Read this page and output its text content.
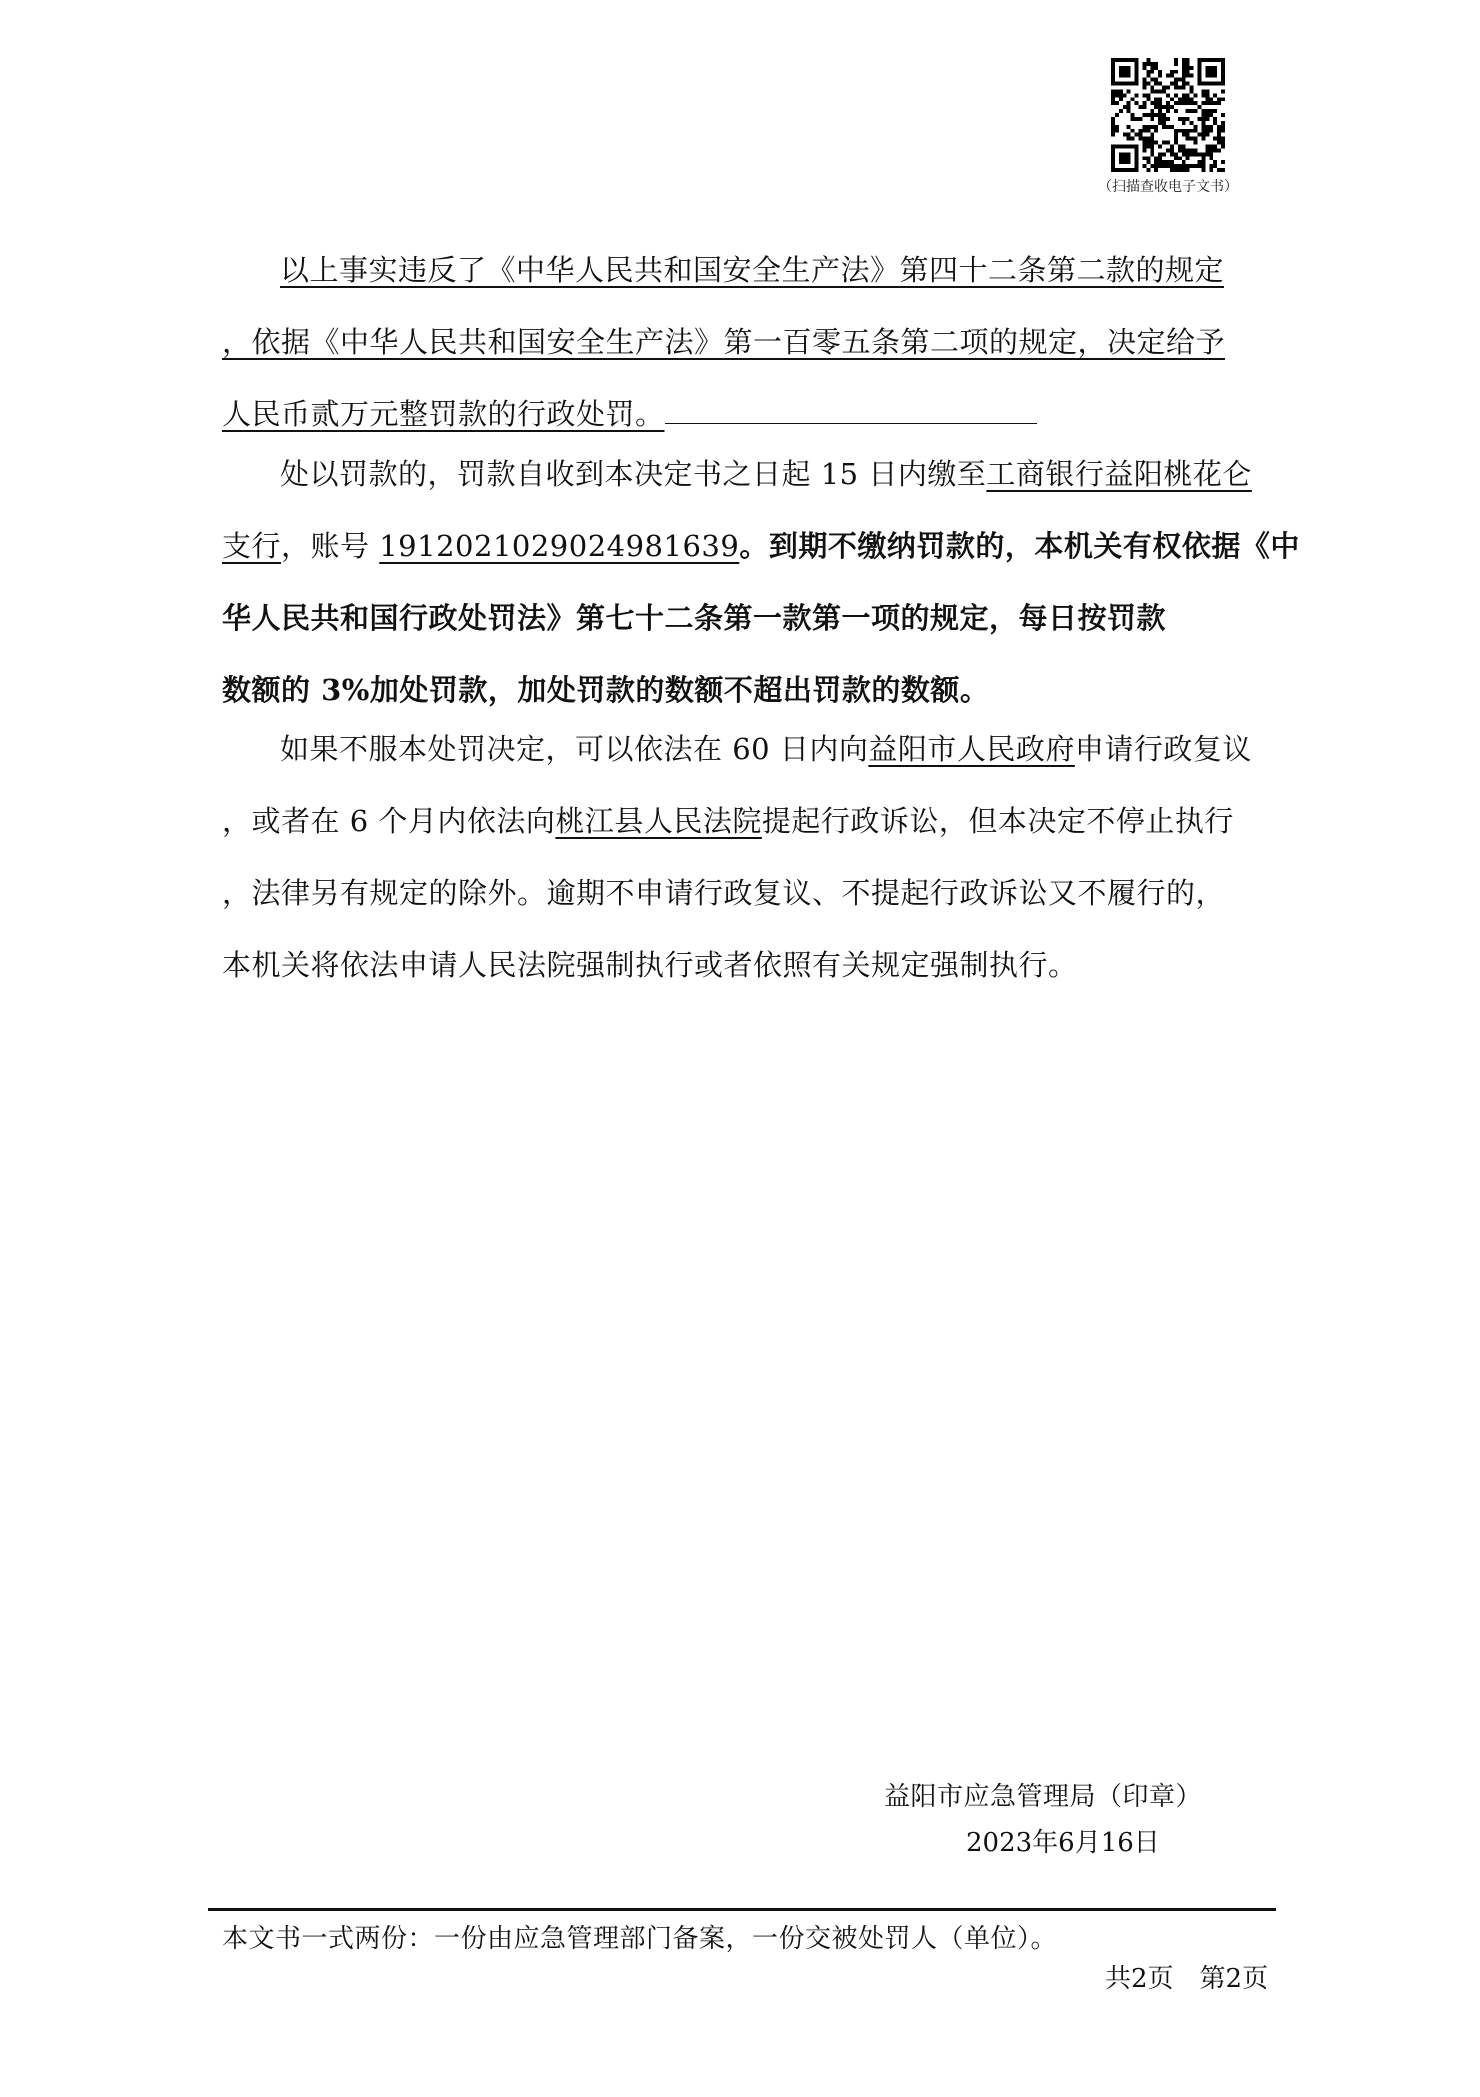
（扫描查收电子文书）
以上事实违反了《中华人民共和国安全生产法》第四十二条第二款的规定
，依据《中华人民共和国安全生产法》第一百零五条第二项的规定，决定给予
人民币贰万元整罚款的行政处罚。
处以罚款的，罚款自收到本决定书之日起 15 日内缴至工商银行益阳桃花仑
支行，账号 1912021029024981639。到期不缴纳罚款的，本机关有权依据《中
华人民共和国行政处罚法》第七十二条第一款第一项的规定，每日按罚款
数额的 3%加处罚款，加处罚款的数额不超出罚款的数额。
如果不服本处罚决定，可以依法在 60 日内向益阳市人民政府申请行政复议
，或者在 6 个月内依法向桃江县人民法院提起行政诉讼，但本决定不停止执行
，法律另有规定的除外。逾期不申请行政复议、不提起行政诉讼又不履行的，
本机关将依法申请人民法院强制执行或者依照有关规定强制执行。
益阳市应急管理局（印章）
2023年6月16日
本文书一式两份：一份由应急管理部门备案，一份交被处罚人（单位）。
共2页　第2页
